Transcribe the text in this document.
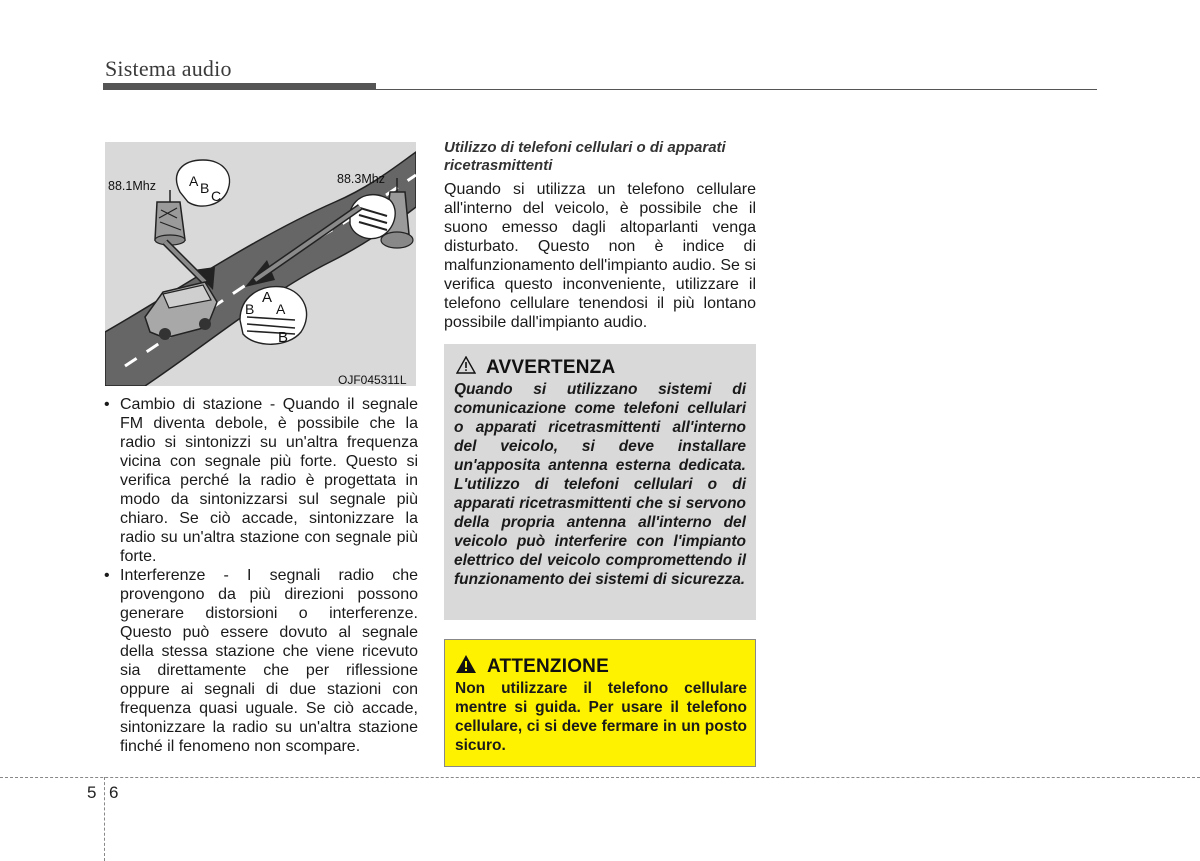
Sistema audio
A B C
A
B A
B
88.1Mhz	88.3Mhz
OJF045311L
• Cambio di stazione - Quando il segnale FM diventa debole, è possibile che la radio si sintonizzi su un'altra frequenza vicina con segnale più forte. Questo si verifica perché la radio è progettata in modo da sintonizzarsi sul segnale più chiaro. Se ciò accade, sintonizzare la radio su un'altra stazione con segnale più forte.
• Interferenze - I segnali radio che provengono da più direzioni possono generare distorsioni o interferenze. Questo può essere dovuto al segnale della stessa stazione che viene ricevuto sia direttamente che per riflessione oppure ai segnali di due stazioni con frequenza quasi uguale. Se ciò accade, sintonizzare la radio su un'altra stazione finché il fenomeno non scompare.
Utilizzo di telefoni cellulari o di apparati ricetrasmittenti
Quando si utilizza un telefono cellulare all'interno del veicolo, è possibile che il suono emesso dagli altoparlanti venga disturbato. Questo non è indice di malfunzionamento dell'impianto audio. Se si verifica questo inconveniente, utilizzare il telefono cellulare tenendosi il più lontano possibile dall'impianto audio.
AVVERTENZA
Quando si utilizzano sistemi di comunicazione come telefoni cellulari o apparati ricetrasmittenti all'interno del veicolo, si deve installare un'apposita antenna esterna dedicata. L'utilizzo di telefoni cellulari o di apparati ricetrasmittenti che si servono della propria antenna all'interno del veicolo può interferire con l'impianto elettrico del veicolo compromettendo il funzionamento dei sistemi di sicurezza.
ATTENZIONE
Non utilizzare il telefono cellulare mentre si guida. Per usare il telefono cellulare, ci si deve fermare in un posto sicuro.
5 6
